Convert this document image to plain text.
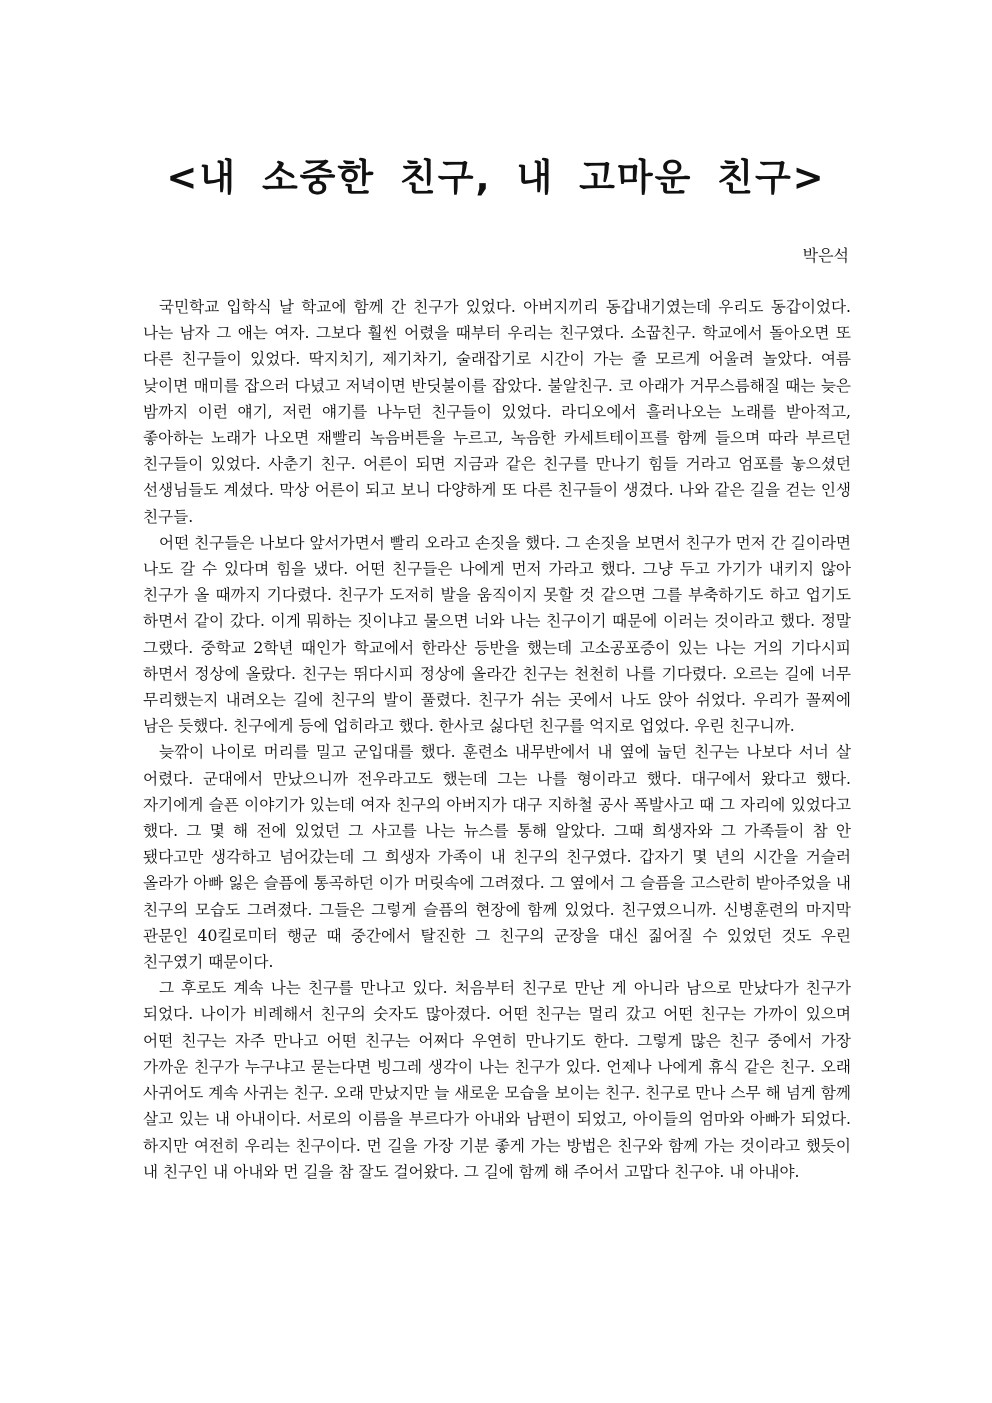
<내 소중한 친구, 내 고마운 친구>
박은석

국민학교 입학식 날 학교에 함께 간 친구가 있었다. 아버지끼리 동갑내기였는데 우리도 동갑이었다. 나는 남자 그 애는 여자. 그보다 훨씬 어렸을 때부터 우리는 친구였다. 소꿉친구. 학교에서 돌아오면 또 다른 친구들이 있었다. 딱지치기, 제기차기, 술래잡기로 시간이 가는 줄 모르게 어울려 놀았다. 여름 낮이면 매미를 잡으러 다녔고 저녁이면 반딧불이를 잡았다. 불알친구. 코 아래가 거무스름해질 때는 늦은 밤까지 이런 얘기, 저런 얘기를 나누던 친구들이 있었다. 라디오에서 흘러나오는 노래를 받아적고, 좋아하는 노래가 나오면 재빨리 녹음버튼을 누르고, 녹음한 카세트테이프를 함께 들으며 따라 부르던 친구들이 있었다. 사춘기 친구. 어른이 되면 지금과 같은 친구를 만나기 힘들 거라고 엄포를 놓으셨던 선생님들도 계셨다. 막상 어른이 되고 보니 다양하게 또 다른 친구들이 생겼다. 나와 같은 길을 걷는 인생 친구들.

어떤 친구들은 나보다 앞서가면서 빨리 오라고 손짓을 했다. 그 손짓을 보면서 친구가 먼저 간 길이라면 나도 갈 수 있다며 힘을 냈다. 어떤 친구들은 나에게 먼저 가라고 했다. 그냥 두고 가기가 내키지 않아 친구가 올 때까지 기다렸다. 친구가 도저히 발을 움직이지 못할 것 같으면 그를 부축하기도 하고 업기도 하면서 같이 갔다. 이게 뭐하는 짓이냐고 물으면 너와 나는 친구이기 때문에 이러는 것이라고 했다. 정말 그랬다. 중학교 2학년 때인가 학교에서 한라산 등반을 했는데 고소공포증이 있는 나는 거의 기다시피 하면서 정상에 올랐다. 친구는 뛰다시피 정상에 올라간 친구는 천천히 나를 기다렸다. 오르는 길에 너무 무리했는지 내려오는 길에 친구의 발이 풀렸다. 친구가 쉬는 곳에서 나도 앉아 쉬었다. 우리가 꼴찌에 남은 듯했다. 친구에게 등에 업히라고 했다. 한사코 싫다던 친구를 억지로 업었다. 우린 친구니까.

늦깎이 나이로 머리를 밀고 군입대를 했다. 훈련소 내무반에서 내 옆에 눕던 친구는 나보다 서너 살 어렸다. 군대에서 만났으니까 전우라고도 했는데 그는 나를 형이라고 했다. 대구에서 왔다고 했다. 자기에게 슬픈 이야기가 있는데 여자 친구의 아버지가 대구 지하철 공사 폭발사고 때 그 자리에 있었다고 했다. 그 몇 해 전에 있었던 그 사고를 나는 뉴스를 통해 알았다. 그때 희생자와 그 가족들이 참 안 됐다고만 생각하고 넘어갔는데 그 희생자 가족이 내 친구의 친구였다. 갑자기 몇 년의 시간을 거슬러 올라가 아빠 잃은 슬픔에 통곡하던 이가 머릿속에 그려졌다. 그 옆에서 그 슬픔을 고스란히 받아주었을 내 친구의 모습도 그려졌다. 그들은 그렇게 슬픔의 현장에 함께 있었다. 친구였으니까. 신병훈련의 마지막 관문인 40킬로미터 행군 때 중간에서 탈진한 그 친구의 군장을 대신 짊어질 수 있었던 것도 우린 친구였기 때문이다.

그 후로도 계속 나는 친구를 만나고 있다. 처음부터 친구로 만난 게 아니라 남으로 만났다가 친구가 되었다. 나이가 비례해서 친구의 숫자도 많아졌다. 어떤 친구는 멀리 갔고 어떤 친구는 가까이 있으며 어떤 친구는 자주 만나고 어떤 친구는 어쩌다 우연히 만나기도 한다. 그렇게 많은 친구 중에서 가장 가까운 친구가 누구냐고 묻는다면 빙그레 생각이 나는 친구가 있다. 언제나 나에게 휴식 같은 친구. 오래 사귀어도 계속 사귀는 친구. 오래 만났지만 늘 새로운 모습을 보이는 친구. 친구로 만나 스무 해 넘게 함께 살고 있는 내 아내이다. 서로의 이름을 부르다가 아내와 남편이 되었고, 아이들의 엄마와 아빠가 되었다. 하지만 여전히 우리는 친구이다. 먼 길을 가장 기분 좋게 가는 방법은 친구와 함께 가는 것이라고 했듯이 내 친구인 내 아내와 먼 길을 참 잘도 걸어왔다. 그 길에 함께 해 주어서 고맙다 친구야. 내 아내야.
